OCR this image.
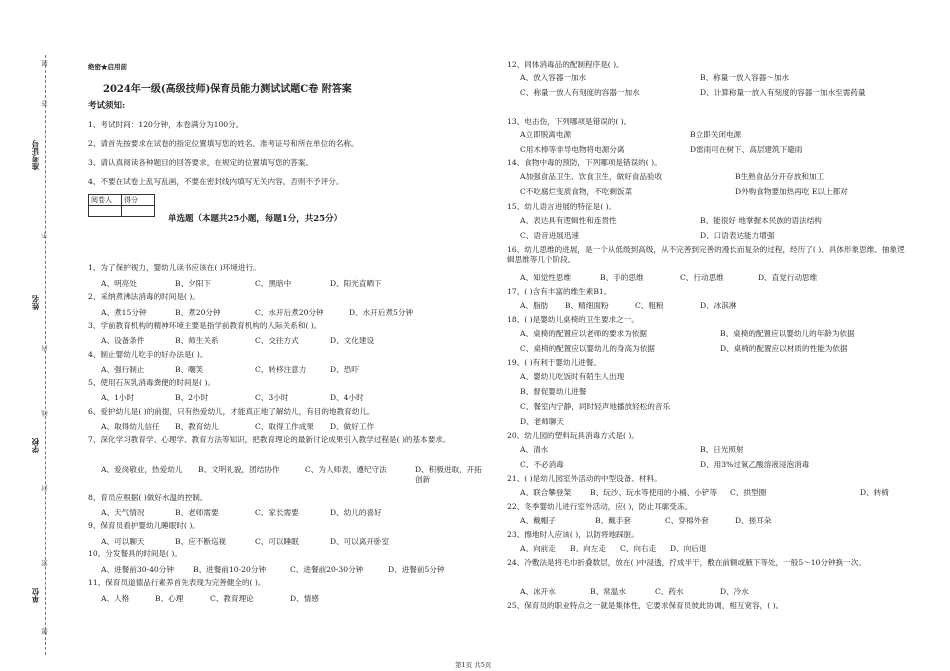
准考证号
姓名
学校
单位
题
答
不
内
线
封
密
题
绝密★启用前
2024年一级(高级技师)保育员能力测试试题C卷 附答案
考试须知:
1、考试时间：120分钟，本卷满分为100分。
2、请首先按要求在试卷的指定位置填写您的姓名、准考证号和所在单位的名称。
3、请认真阅读各种题目的回答要求，在规定的位置填写您的答案。
4、不要在试卷上乱写乱画，不要在密封线内填写无关内容，否则不予评分。
阅卷人	得分

单选题（本题共25小题，每题1分，共25分）
1、为了保护视力，婴幼儿读书应该在( )环境进行。
A、明亮处	B、夕阳下	C、黑暗中	D、阳光直晒下
2、采纳煮沸法消毒的时间是( )。
A、煮15分钟	B、煮20分钟	C、水开后煮20分钟	D、水开后煮5分钟
3、学前教育机构的精神环境主要是指学前教育机构的人际关系和( )。
A、设备条件	B、师生关系	C、交往方式	D、文化建设
4、制止婴幼儿吃手的好办法是( )。
A、强行制止	B、嘲笑	C、转移注意力	D、恐吓
5、使用石灰乳消毒粪便的时间是( )。
A、1小时	B、2小时	C、3小时	D、4小时
6、爱护幼儿是( )的前提，只有热爱幼儿，才能真正地了解幼儿，有目的地教育幼儿。
A、取得幼儿信任 B、教育幼儿	C、取得工作成果 D、做好工作
7、深化学习教育学、心理学、教育方法等知识，把教育理论的最新讨论成果引入教学过程是( )的基本要求。
A、爱岗敬业，热爱幼儿 B、文明礼貌，团结协作	C、为人师表，遵纪守法
8、育员应根据( )做好水温的控制。
A、天气情况	B、老师需要	C、家长需要	D、幼儿的喜好
9、保育员看护婴幼儿睡眠时( )。
A、可以聊天	B、应不断巡视	C、可以睡眠	D、可以离开卧室
10、分发餐具的时间是( )。
A、进餐前30-40分钟	B、进餐前10-20分钟	C、进餐前20-30分钟	D、进餐前5分钟
11、保育员道德品行素养首先表现为完善健全的( )。
A、人格	B、心理	C、教育理论	D、情感
D、积极进取，开拓创新
12、同体消毒品的配制程序是( )。
A、放入容器一加水	B、称量一放入容器～加水
C、称量一放人有刻度的容器一加水	D、计算称量一放入有刻度的容器一加水至需药量
13、电击伤，下列哪项是错误的( )。
A立即脱离电源	B立即关闭电源
C用木棒等非导电物将电源分离	D雷雨可在树下、高层建筑下避雨
14、食物中毒的预防，下列哪项是错误的( )。
A加强食品卫生、饮食卫生，做好食品验收	B生熟食品分开存放和加工
C不吃腐烂变质食物，不吃剩饭菜	D外购食物要加热再吃 E以上都对
15、幼儿语言进展的特征是( )。
A、表达具有逻辑性和连贯性	B、能很好 地掌握本民族的语法结构
C、语音进展迅速	D、口语表达能力增强
16、幼儿思维的进展，是一个从低级到高级，从不完善到完善的漫长而复杂的过程，经历了( )、具体形象思维、抽象逻辑思维等几个阶段。
A、知觉性思维	B、手的思维	C、行动思维	D、直觉行动思维
17、( )含有丰富的维生素B1。
A、脂肪 B、精细面粉	C、粗粮	D、冰淇淋
18、( )是婴幼儿桌椅的卫生要求之一。
A、桌椅的配置应以老师的要求为依据	B、桌椅的配置应以婴幼儿的年龄为依据
C、桌椅的配置应以婴幼儿的身高为依据	D、桌椅的配置应以材质的性能为依据
19、( )有利于婴幼儿进餐。
A、婴幼儿吃饭时有陌生人出现
B、督促婴幼儿进餐
C、餐室内宁静，同时轻声地播放轻松的音乐
D、老师聊天
20、幼儿园的塑料玩具消毒方式是( )。
A、清水	B、日光照射
C、不必消毒	D、用3%过氧乙酸溶液浸泡消毒
21、( )是幼儿园室外活动的中型设备、材料。
A、联合攀登架 B、玩沙、玩水等使用的小桶、小铲等 C、拱型圈	D、转椅
22、冬季婴幼儿进行室外活动，应( )，防止耳廓受冻。
A、戴帽子	B、戴手套	C、穿棉外套	D、搓耳朵
23、擦地时人应该( )，以防将地踩脏。
A、向前走 B、向左走 C、向右走 D、向后退
24、冷敷法是将毛巾折叠数层，放在( )中浸透，拧成半干，敷在前额或腋下等处，一般5～10分钟换一次。
A、冰开水	B、常温水	C、药水	D、冷水
25、保育员的职业特点之一就是集体性，它要求保育员彼此协调，相互宽容，( )。
第1页 共5页
